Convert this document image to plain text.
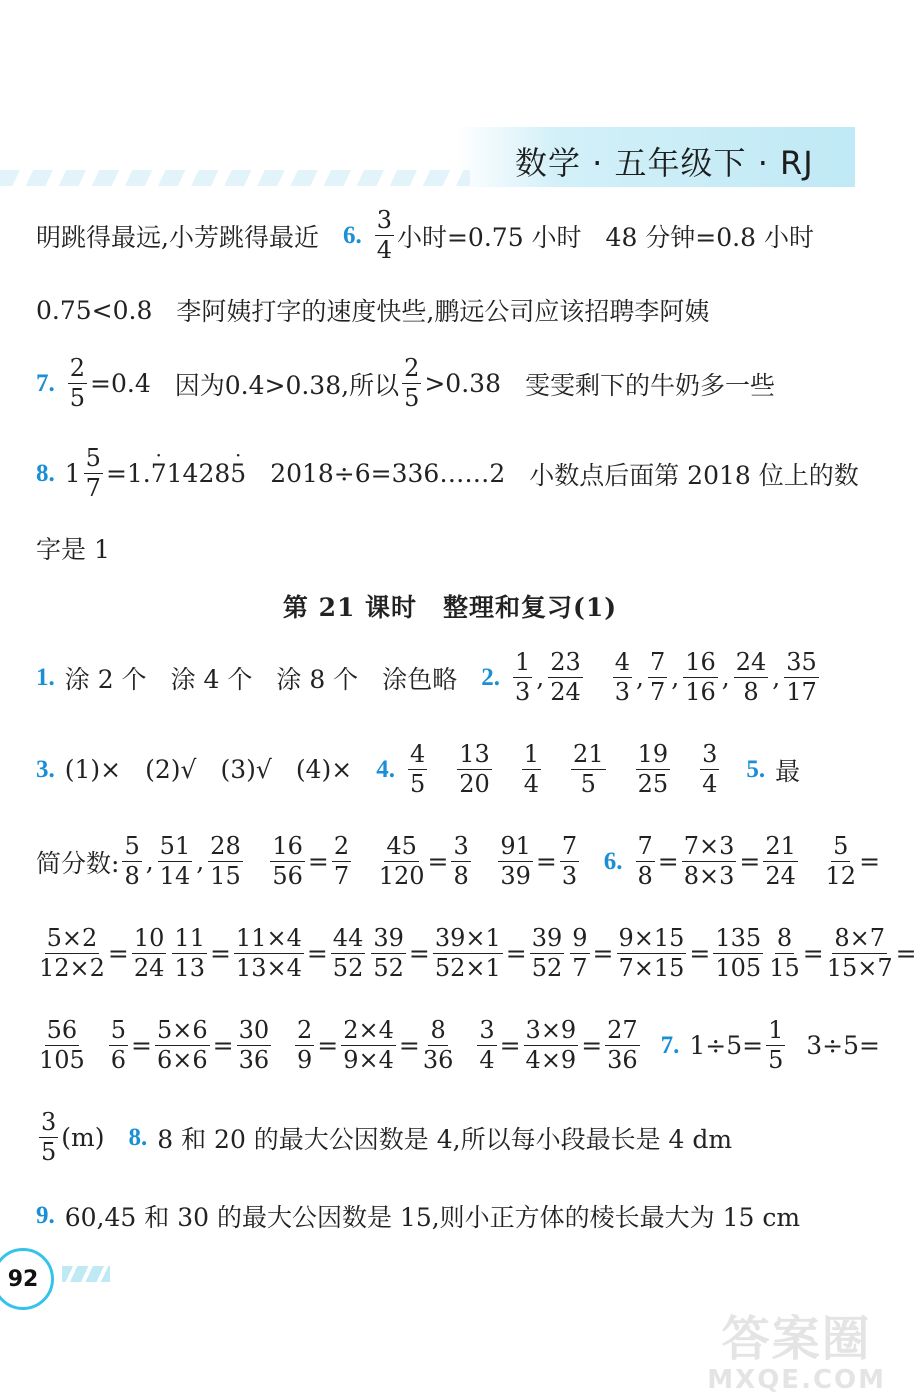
数学 · 五年级下 · RJ
明跳得最远,小芳跳得最近 6. $\frac{3}{4}$ 小时=0.75 小时 48 分钟=0.8 小时
0.75<0.8 李阿姨打字的速度快些,鹏远公司应该招聘李阿姨
7. $\frac{2}{5} =0.4$ 因为0.4>0.38,所以 $\frac{2}{5} >0.38$ 雯雯剩下的牛奶多一些
8. $1 \frac{5}{7} =1$. 7 · 1428 5 · 2018÷6=336……2 小数点后面第 2018 位上的数
字是 1
第 21 课时　整理和复习(1)
1. 涂 2 个 涂 4 个 涂 8 个 涂色略 2. $\frac{1}{3}$ , $\frac{23}{24} \frac{4}{3}$ , $\frac{7}{7}$ , $\frac{16}{16}$ , $\frac{24}{8}$ , $\frac{35}{17}$
3. (1)× (2)√ (3)√ (4)× 4. $\frac{4}{5} \frac{13}{20} \frac{1}{4} \frac{21}{5} \frac{19}{25} \frac{3}{4} 5$. 最
简分数: $\frac{5}{8}$ , $\frac{51}{14}$ , $\frac{28}{15} \frac{16}{56} = \frac{2}{7} \frac{45}{120} = \frac{3}{8} \frac{91}{39} = \frac{7}{3} 6$. $\frac{7}{8} = \frac{7\times 3}{8\times 3} = \frac{21}{24} \frac{5}{12}$ =
$\frac{5\times 2}{12\times 2} = \frac{10}{24} \frac{11}{13} = \frac{11\times 4}{13\times 4} = \frac{44}{52} \frac{39}{52} = \frac{39\times 1}{52\times 1} = \frac{39}{52} \frac{9}{7} = \frac{9\times 15}{7\times 15} = \frac{135}{105} \frac{8}{15} = \frac{8\times 7}{15\times 7}$ =
$\frac{56}{105} \frac{5}{6} = \frac{5\times 6}{6\times 6} = \frac{30}{36} \frac{2}{9} = \frac{2\times 4}{9\times 4} = \frac{8}{36} \frac{3}{4} = \frac{3\times 9}{4\times 9} = \frac{27}{36} 7$. $1\div 5= \frac{1}{5} 3\div 5=$
$\frac{3}{5} (m)$ 8. 8 和 20 的最大公因数是 4,所以每小段最长是 4 dm
9. 60,45 和 30 的最大公因数是 15,则小正方体的棱长最大为 15 cm
92
答案圈
MXQE.COM
